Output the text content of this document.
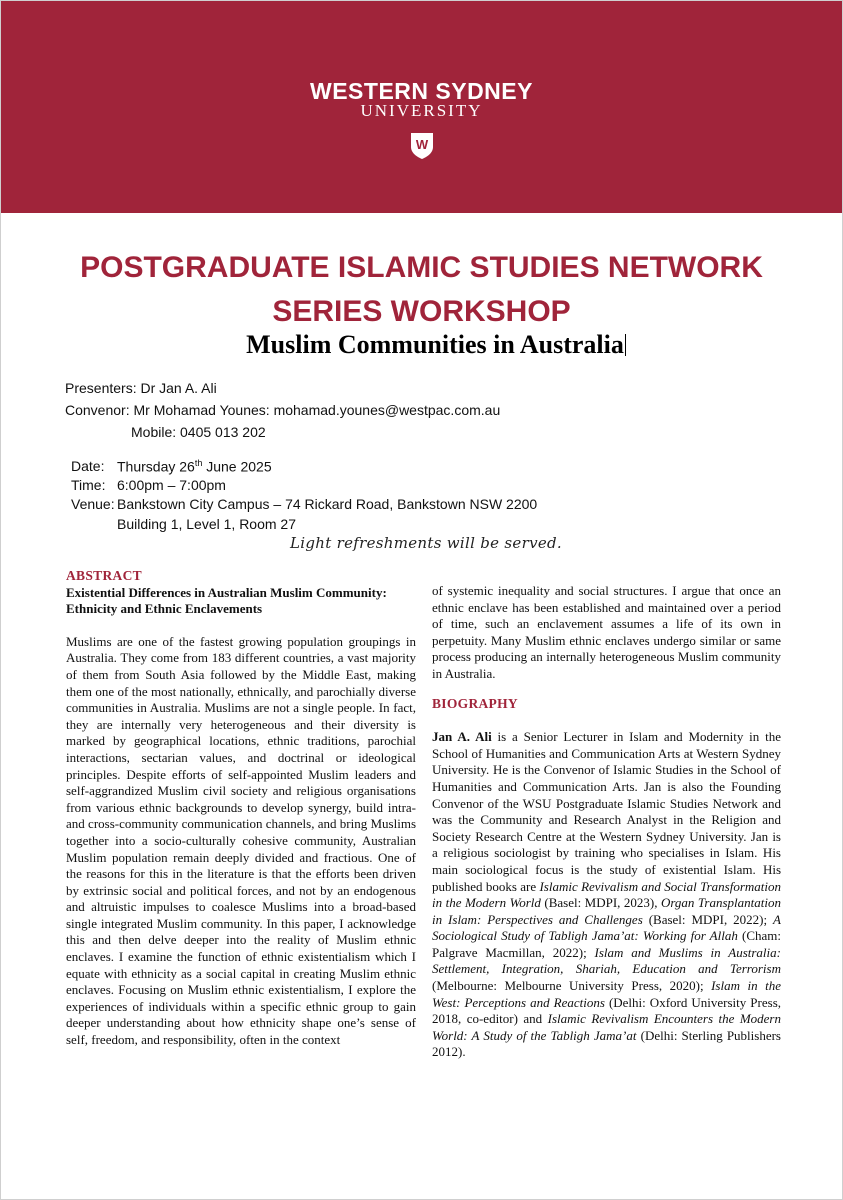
WESTERN SYDNEY
UNIVERSITY
W
POSTGRADUATE ISLAMIC STUDIES NETWORK
SERIES WORKSHOP
Muslim Communities in Australia
Presenters: Dr Jan A. Ali
Convenor: Mr Mohamad Younes: mohamad.younes@westpac.com.au
Mobile: 0405 013 202
Date: Thursday 26th June 2025
Time: 6:00pm – 7:00pm
Venue: Bankstown City Campus – 74 Rickard Road, Bankstown NSW 2200
Building 1, Level 1, Room 27
Light refreshments will be served.
ABSTRACT
Existential Differences in Australian Muslim Community: Ethnicity and Ethnic Enclavements

Muslims are one of the fastest growing population groupings in Australia. They come from 183 different countries, a vast majority of them from South Asia followed by the Middle East, making them one of the most nationally, ethnically, and parochially diverse communities in Australia. Muslims are not a single people. In fact, they are internally very heterogeneous and their diversity is marked by geographical locations, ethnic traditions, parochial interactions, sectarian values, and doctrinal or ideological principles. Despite efforts of self-appointed Muslim leaders and self-aggrandized Muslim civil society and religious organisations from various ethnic backgrounds to develop synergy, build intra-and cross-community communication channels, and bring Muslims together into a socio-culturally cohesive community, Australian Muslim population remain deeply divided and fractious. One of the reasons for this in the literature is that the efforts been driven by extrinsic social and political forces, and not by an endogenous and altruistic impulses to coalesce Muslims into a broad-based single integrated Muslim community. In this paper, I acknowledge this and then delve deeper into the reality of Muslim ethnic enclaves. I examine the function of ethnic existentialism which I equate with ethnicity as a social capital in creating Muslim ethnic enclaves. Focusing on Muslim ethnic existentialism, I explore the experiences of individuals within a specific ethnic group to gain deeper understanding about how ethnicity shape one’s sense of self, freedom, and responsibility, often in the context

of systemic inequality and social structures. I argue that once an ethnic enclave has been established and maintained over a period of time, such an enclavement assumes a life of its own in perpetuity. Many Muslim ethnic enclaves undergo similar or same process producing an internally heterogeneous Muslim community in Australia.

BIOGRAPHY

Jan A. Ali is a Senior Lecturer in Islam and Modernity in the School of Humanities and Communication Arts at Western Sydney University. He is the Convenor of Islamic Studies in the School of Humanities and Communication Arts. Jan is also the Founding Convenor of the WSU Postgraduate Islamic Studies Network and was the Community and Research Analyst in the Religion and Society Research Centre at the Western Sydney University. Jan is a religious sociologist by training who specialises in Islam. His main sociological focus is the study of existential Islam. His published books are Islamic Revivalism and Social Transformation in the Modern World (Basel: MDPI, 2023), Organ Transplantation in Islam: Perspectives and Challenges (Basel: MDPI, 2022); A Sociological Study of Tabligh Jama’at: Working for Allah (Cham: Palgrave Macmillan, 2022); Islam and Muslims in Australia: Settlement, Integration, Shariah, Education and Terrorism (Melbourne: Melbourne University Press, 2020); Islam in the West: Perceptions and Reactions (Delhi: Oxford University Press, 2018, co-editor) and Islamic Revivalism Encounters the Modern World: A Study of the Tabligh Jama’at (Delhi: Sterling Publishers 2012).
